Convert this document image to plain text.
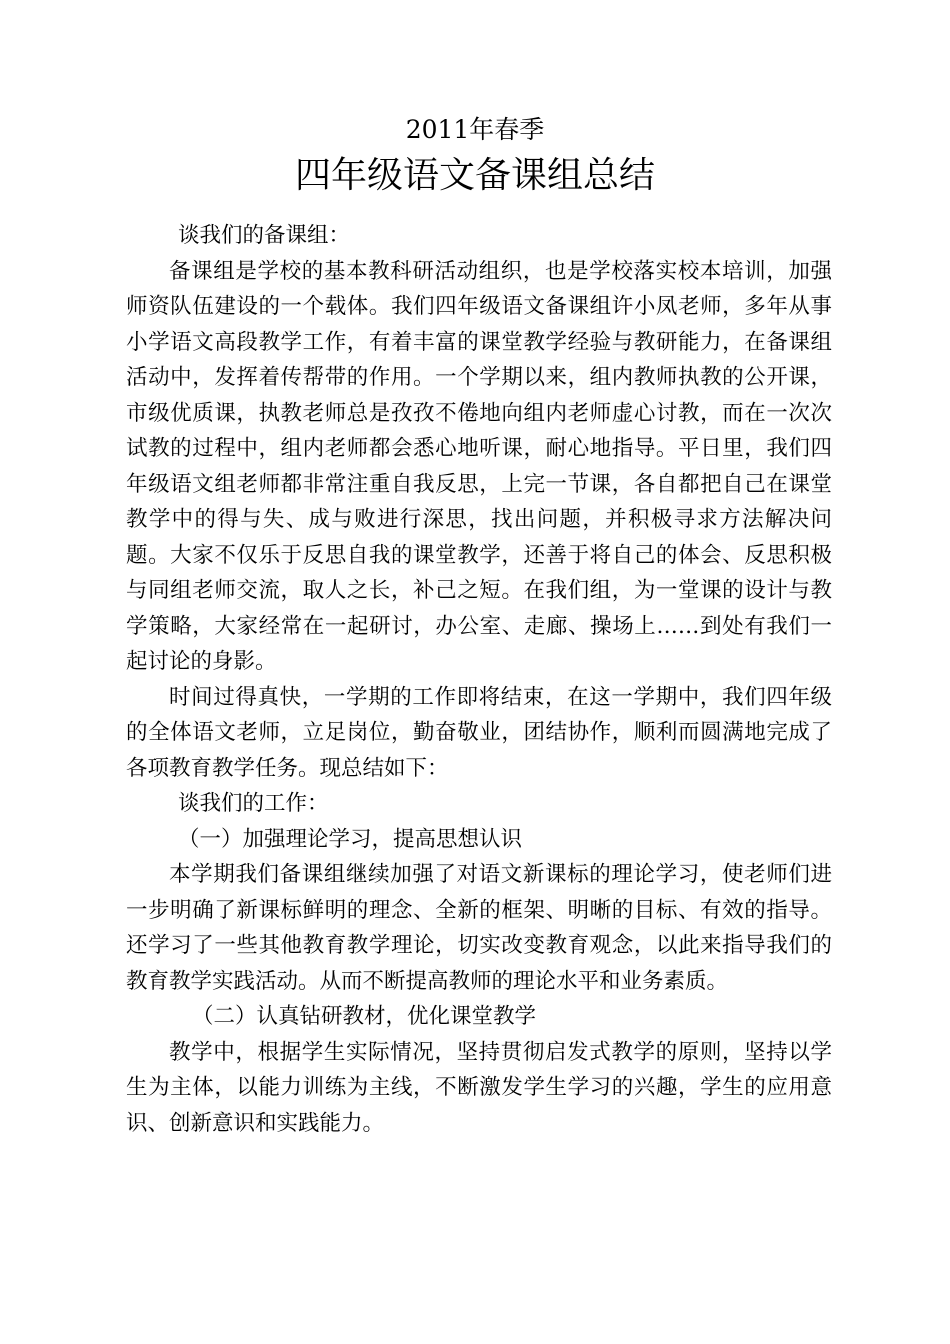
2011年春季
四年级语文备课组总结

谈我们的备课组：

备课组是学校的基本教科研活动组织，也是学校落实校本培训，加强师资队伍建设的一个载体。我们四年级语文备课组许小凤老师，多年从事小学语文高段教学工作，有着丰富的课堂教学经验与教研能力，在备课组活动中，发挥着传帮带的作用。一个学期以来，组内教师执教的公开课，市级优质课，执教老师总是孜孜不倦地向组内老师虚心讨教，而在一次次试教的过程中，组内老师都会悉心地听课，耐心地指导。平日里，我们四年级语文组老师都非常注重自我反思，上完一节课，各自都把自己在课堂教学中的得与失、成与败进行深思，找出问题，并积极寻求方法解决问题。大家不仅乐于反思自我的课堂教学，还善于将自己的体会、反思积极与同组老师交流，取人之长，补己之短。在我们组，为一堂课的设计与教学策略，大家经常在一起研讨，办公室、走廊、操场上……到处有我们一起讨论的身影。

时间过得真快，一学期的工作即将结束，在这一学期中，我们四年级的全体语文老师，立足岗位，勤奋敬业，团结协作，顺利而圆满地完成了各项教育教学任务。现总结如下：

谈我们的工作：

（一）加强理论学习，提高思想认识

本学期我们备课组继续加强了对语文新课标的理论学习，使老师们进一步明确了新课标鲜明的理念、全新的框架、明晰的目标、有效的指导。还学习了一些其他教育教学理论，切实改变教育观念，以此来指导我们的教育教学实践活动。从而不断提高教师的理论水平和业务素质。

（二）认真钻研教材，优化课堂教学

教学中，根据学生实际情况，坚持贯彻启发式教学的原则，坚持以学生为主体，以能力训练为主线，不断激发学生学习的兴趣，学生的应用意识、创新意识和实践能力。
